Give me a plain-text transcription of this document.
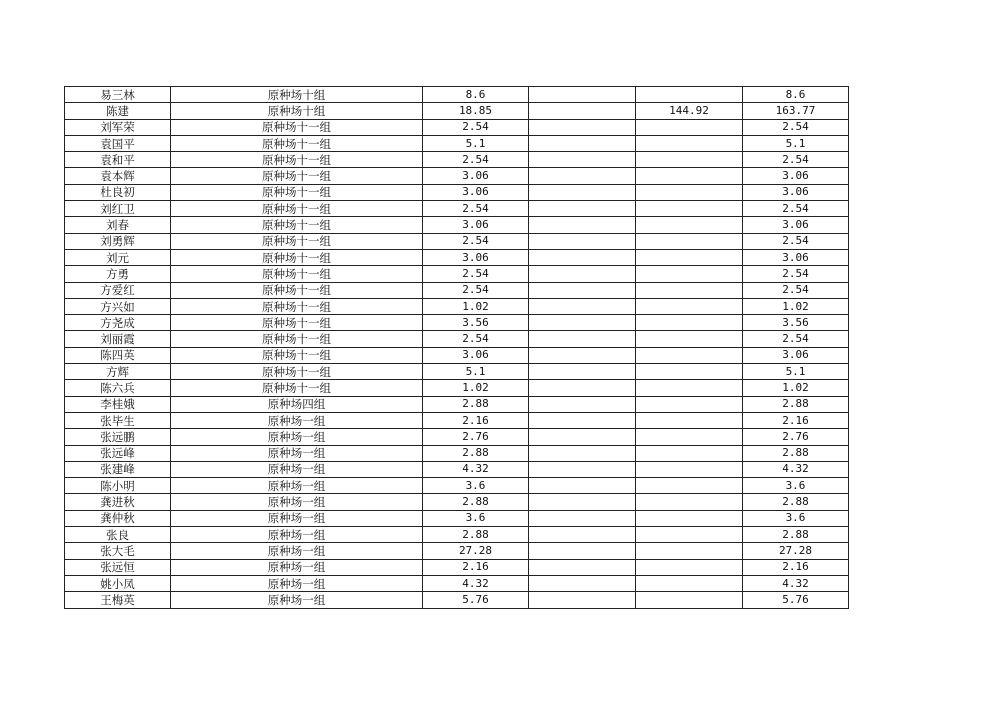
易三林	原种场十组	8.6			8.6
陈建	原种场十组	18.85		144.92	163.77
刘军荣	原种场十一组	2.54			2.54
袁国平	原种场十一组	5.1			5.1
袁和平	原种场十一组	2.54			2.54
袁本辉	原种场十一组	3.06			3.06
杜良初	原种场十一组	3.06			3.06
刘红卫	原种场十一组	2.54			2.54
刘春	原种场十一组	3.06			3.06
刘勇辉	原种场十一组	2.54			2.54
刘元	原种场十一组	3.06			3.06
方勇	原种场十一组	2.54			2.54
方爱红	原种场十一组	2.54			2.54
方兴如	原种场十一组	1.02			1.02
方尧成	原种场十一组	3.56			3.56
刘丽霞	原种场十一组	2.54			2.54
陈四英	原种场十一组	3.06			3.06
方辉	原种场十一组	5.1			5.1
陈六兵	原种场十一组	1.02			1.02
李桂娥	原种场四组	2.88			2.88
张毕生	原种场一组	2.16			2.16
张远鹏	原种场一组	2.76			2.76
张远峰	原种场一组	2.88			2.88
张建峰	原种场一组	4.32			4.32
陈小明	原种场一组	3.6			3.6
龚进秋	原种场一组	2.88			2.88
龚仲秋	原种场一组	3.6			3.6
张良	原种场一组	2.88			2.88
张大毛	原种场一组	27.28			27.28
张远恒	原种场一组	2.16			2.16
姚小凤	原种场一组	4.32			4.32
王梅英	原种场一组	5.76			5.76
